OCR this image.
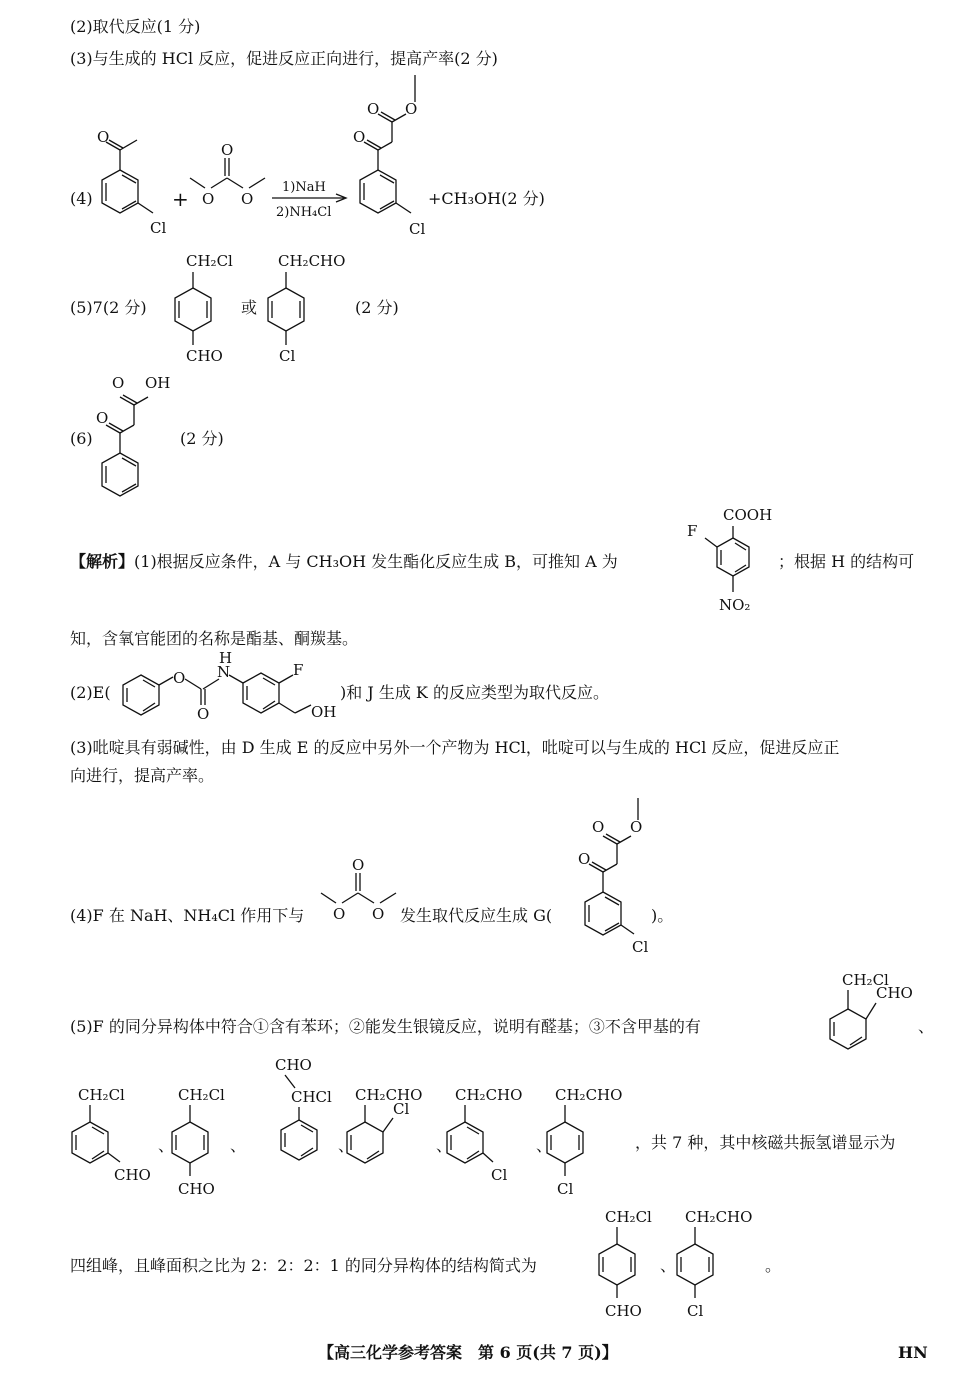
(2)取代反应(1 分)
(3)与生成的 HCl 反应，促进反应正向进行，提高产率(2 分)
(4)
O
Cl
+
O
O O
1)NaH
2)NH₄Cl
O
O O
Cl
+CH₃OH(2 分)
(5)7(2 分)
CH₂Cl
CHO
或
CH₂CHO
Cl
(2 分)
(6)
O
O OH
(2 分)
【解析】(1)根据反应条件，A 与 CH₃OH 发生酯化反应生成 B，可推知 A 为
COOH
F
NO₂
；根据 H 的结构可
知，含氧官能团的名称是酯基、酮羰基。
(2)E(
O
O
N
H
F
OH
)和 J 生成 K 的反应类型为取代反应。
(3)吡啶具有弱碱性，由 D 生成 E 的反应中另外一个产物为 HCl，吡啶可以与生成的 HCl 反应，促进反应正
向进行，提高产率。
(4)F 在 NaH、NH₄Cl 作用下与
O
O O 发生取代反应生成 G(
O
O O
Cl
)。
(5)F 的同分异构体中符合①含有苯环；②能发生银镜反应，说明有醛基；③不含甲基的有
CH₂Cl
CHO
、
CH₂Cl
CHO
、
CH₂Cl
CHO
、
CHO
CHCl
、
CH₂CHO
Cl
、
CH₂CHO
Cl
、
CH₂CHO
Cl
，共 7 种，其中核磁共振氢谱显示为
四组峰，且峰面积之比为 2：2：2：1 的同分异构体的结构简式为
CH₂Cl
CHO
、
CH₂CHO
Cl
。
【高三化学参考答案　第 6 页(共 7 页)】	HN
